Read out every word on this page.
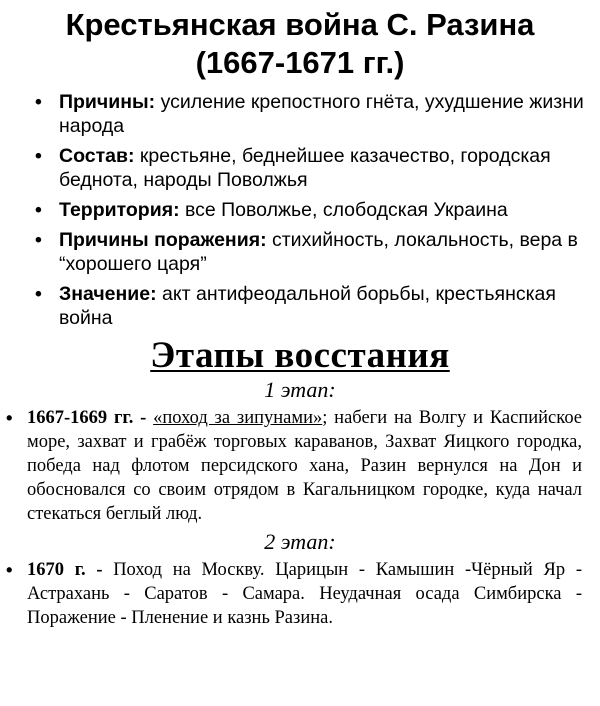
Крестьянская война С. Разина
(1667-1671 гг.)
• Причины: усиление крепостного гнёта, ухудшение жизни народа
• Состав: крестьяне, беднейшее казачество, городская беднота, народы Поволжья
• Территория: все Поволжье, слободская Украина
• Причины поражения: стихийность, локальность, вера в “хорошего царя”
• Значение: акт антифеодальной борьбы, крестьянская война
Этапы восстания
1 этап:

• 1667-1669 гг. - «поход за зипунами»; набеги на Волгу и Каспийское море, захват и грабёж торговых караванов, Захват Яицкого городка, победа над флотом персидского хана, Разин вернулся на Дон и обосновался со своим отрядом в Кагальницком городке, куда начал стекаться беглый люд.

2 этап:

• 1670 г. - Поход на Москву. Царицын - Камышин -Чёрный Яр - Астрахань - Саратов - Самара. Неудачная осада Симбирска - Поражение - Пленение и казнь Разина.
